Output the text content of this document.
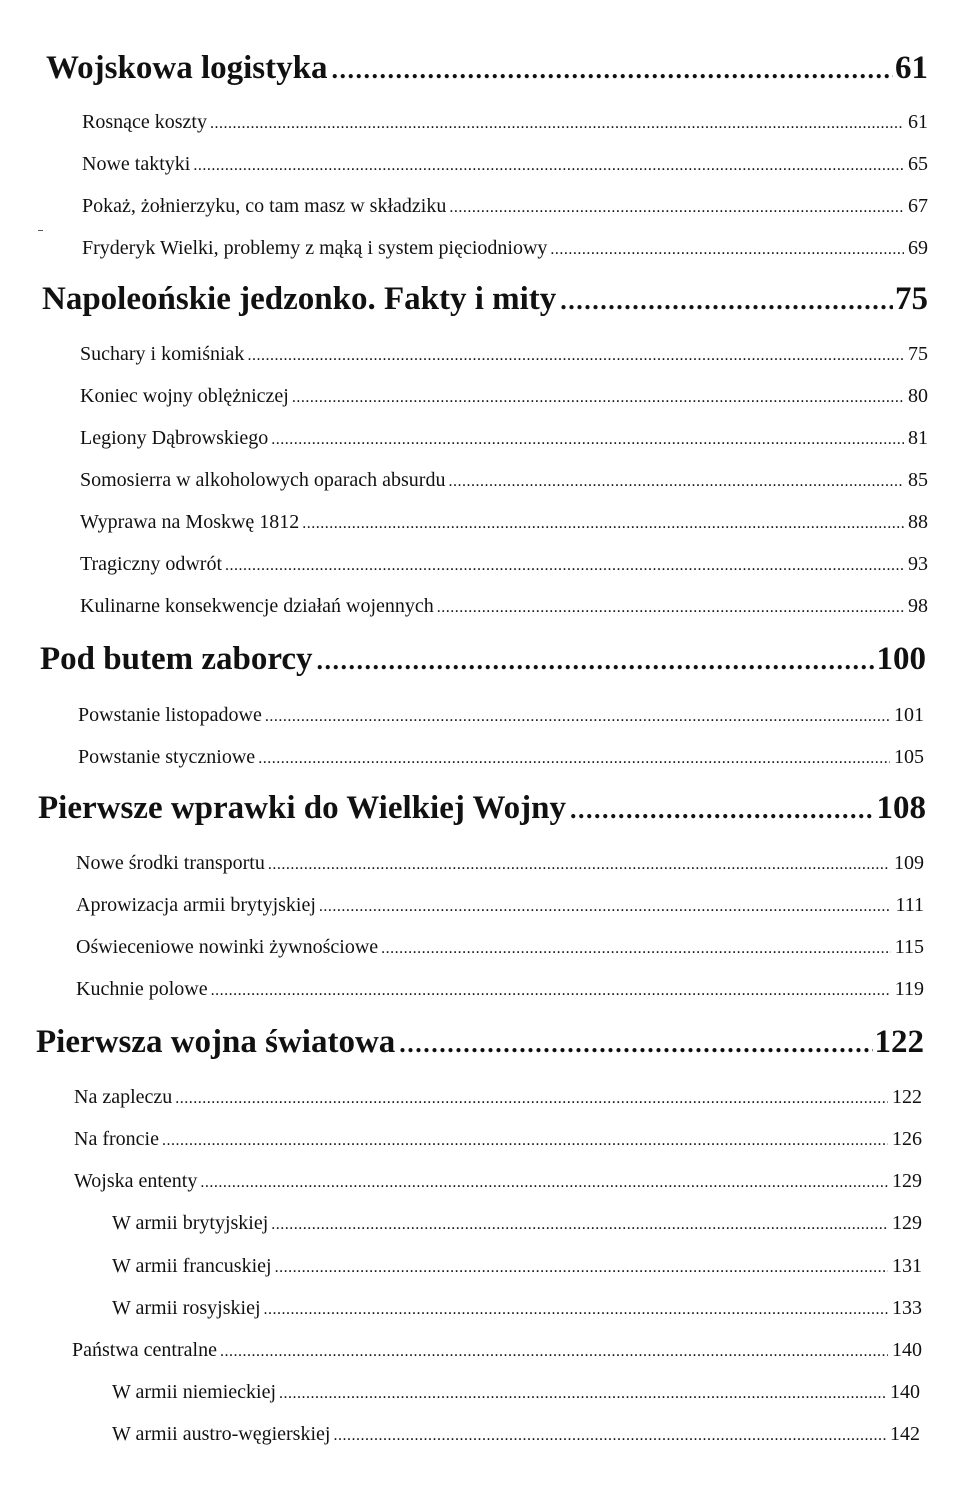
Wojskowa logistyka .....	61
Rosnące koszty .....	61
Nowe taktyki .....	65
Pokaż, żołnierzyku, co tam masz w składziku .....	67
Fryderyk Wielki, problemy z mąką i system pięciodniowy .....	69
Napoleońskie jedzonko. Fakty i mity .....	75
Suchary i komiśniak .....	75
Koniec wojny oblężniczej .....	80
Legiony Dąbrowskiego .....	81
Somosierra w alkoholowych oparach absurdu .....	85
Wyprawa na Moskwę 1812 .....	88
Tragiczny odwrót .....	93
Kulinarne konsekwencje działań wojennych .....	98
Pod butem zaborcy .....	100
Powstanie listopadowe .....	101
Powstanie styczniowe .....	105
Pierwsze wprawki do Wielkiej Wojny .....	108
Nowe środki transportu .....	109
Aprowizacja armii brytyjskiej .....	111
Oświeceniowe nowinki żywnościowe .....	115
Kuchnie polowe .....	119
Pierwsza wojna światowa .....	122
Na zapleczu .....	122
Na froncie .....	126
Wojska ententy .....	129
W armii brytyjskiej .....	129
W armii francuskiej .....	131
W armii rosyjskiej .....	133
Państwa centralne .....	140
W armii niemieckiej .....	140
W armii austro-węgierskiej .....	142
